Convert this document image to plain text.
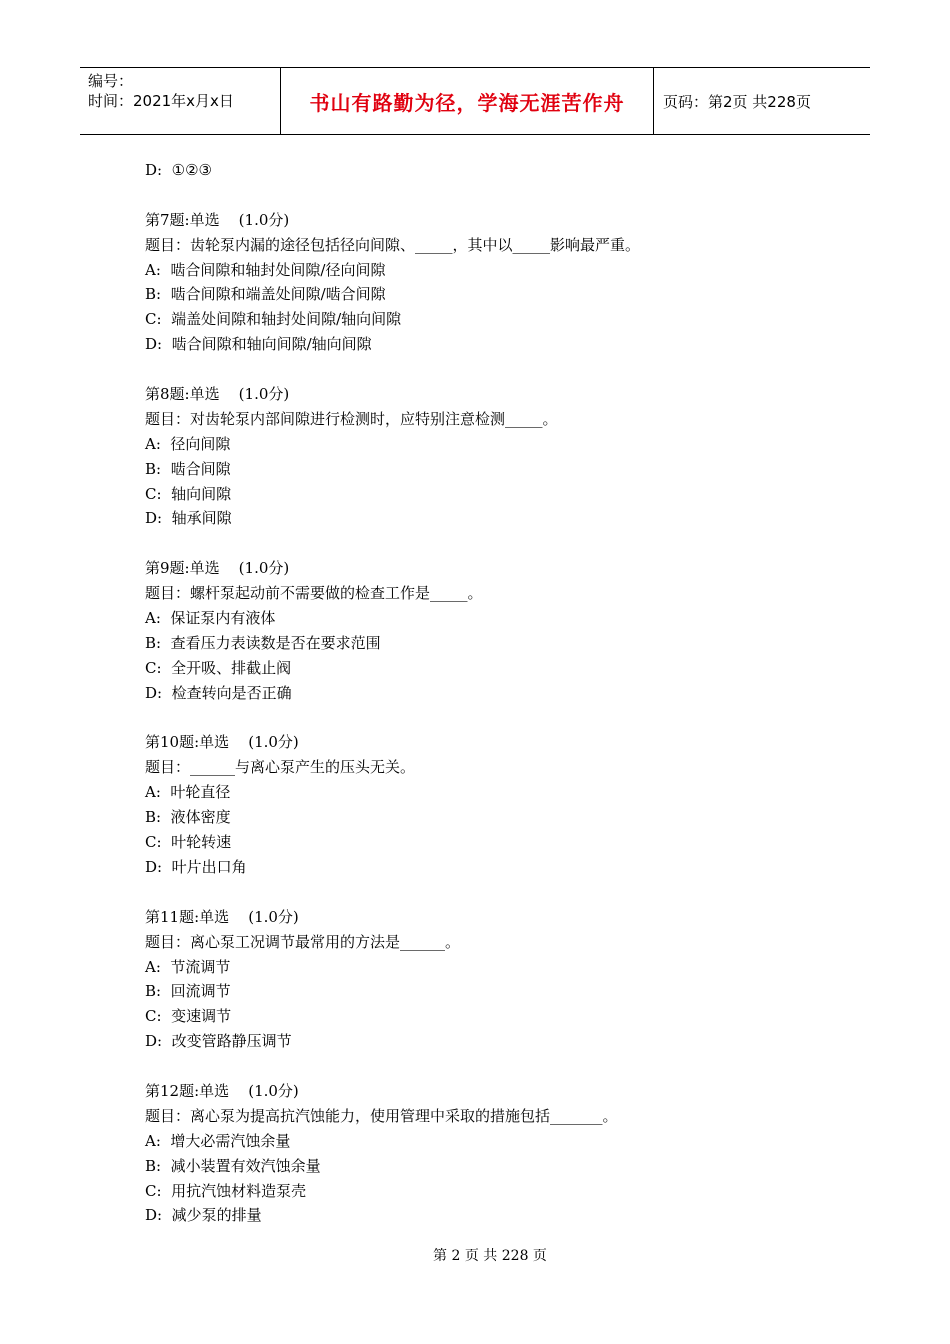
编号：
时间：2021年x月x日	书山有路勤为径，学海无涯苦作舟	页码：第2页 共228页
D:  ①②③
第7题:单选    (1.0分)
题目：齿轮泵内漏的途径包括径向间隙、_____，其中以_____影响最严重。
A:  啮合间隙和轴封处间隙/径向间隙
B:  啮合间隙和端盖处间隙/啮合间隙
C:  端盖处间隙和轴封处间隙/轴向间隙
D:  啮合间隙和轴向间隙/轴向间隙
第8题:单选    (1.0分)
题目：对齿轮泵内部间隙进行检测时，应特别注意检测_____。
A:  径向间隙
B:  啮合间隙
C:  轴向间隙
D:  轴承间隙
第9题:单选    (1.0分)
题目：螺杆泵起动前不需要做的检查工作是_____。
A:  保证泵内有液体
B:  查看压力表读数是否在要求范围
C:  全开吸、排截止阀
D:  检查转向是否正确
第10题:单选    (1.0分)
题目：______与离心泵产生的压头无关。
A:  叶轮直径
B:  液体密度
C:  叶轮转速
D:  叶片出口角
第11题:单选    (1.0分)
题目：离心泵工况调节最常用的方法是______。
A:  节流调节
B:  回流调节
C:  变速调节
D:  改变管路静压调节
第12题:单选    (1.0分)
题目：离心泵为提高抗汽蚀能力，使用管理中采取的措施包括_______。
A:  增大必需汽蚀余量
B:  减小装置有效汽蚀余量
C:  用抗汽蚀材料造泵壳
D:  减少泵的排量
第 2 页 共 228 页
